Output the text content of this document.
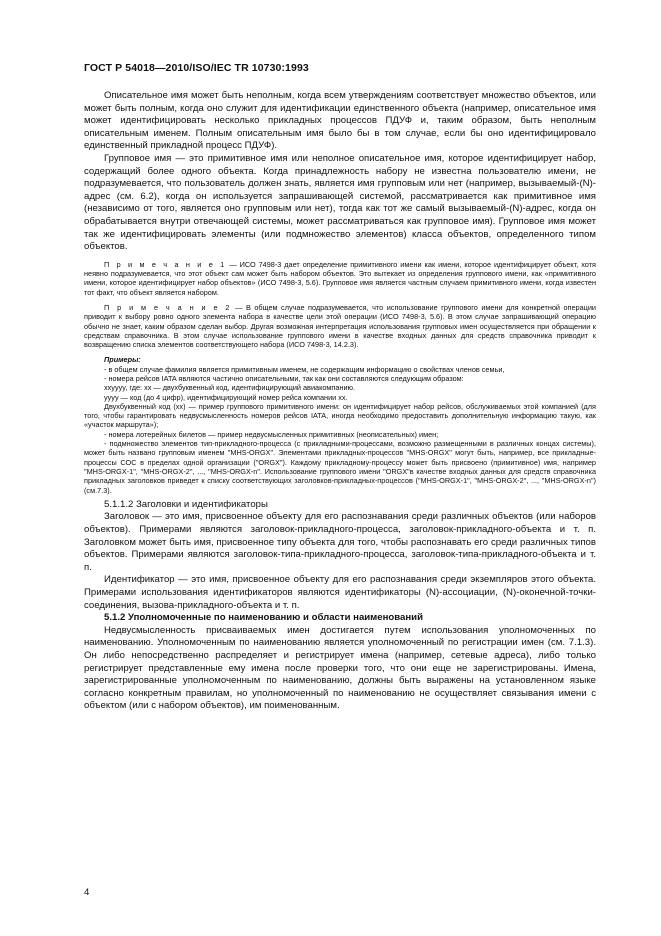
ГОСТ Р 54018—2010/ISO/IEC TR 10730:1993

Описательное имя может быть неполным, когда всем утверждениям соответствует множество объектов, или может быть полным, когда оно служит для идентификации единственного объекта (например, описательное имя может идентифицировать несколько прикладных процессов ПДУФ и, таким образом, быть неполным описательным именем. Полным описательным имя было бы в том случае, если бы оно идентифицировало единственный прикладной процесс ПДУФ).

Групповое имя — это примитивное имя или неполное описательное имя, которое идентифицирует набор, содержащий более одного объекта. Когда принадлежность набору не известна пользователю имени, не подразумевается, что пользователь должен знать, является имя групповым или нет (например, вызываемый-(N)-адрес (см. 6.2), когда он используется запрашивающей системой, рассматривается как примитивное имя (независимо от того, является оно групповым или нет), тогда как тот же самый вызываемый-(N)-адрес, когда он обрабатывается внутри отвечающей системы, может рассматриваться как групповое имя). Групповое имя может так же идентифицировать элементы (или подмножество элементов) класса объектов, определенного типом объектов.

П р и м е ч а н и е 1 — ИСО 7498-3 дает определение примитивного имени как имени, которое идентифицирует объект, хотя неявно подразумевается, что этот объект сам может быть набором объектов. Это вытекает из определения группового имени, как «примитивного имени, которое идентифицирует набор объектов» (ИСО 7498-3, 5.6). Групповое имя является частным случаем примитивного имени, когда известен тот факт, что объект является набором.

П р и м е ч а н и е 2 — В общем случае подразумевается, что использование группового имени для конкретной операции приводит к выбору ровно одного элемента набора в качестве цели этой операции (ИСО 7498-3, 5.6). В этом случае запрашивающий операцию обычно не знает, каким образом сделан выбор. Другая возможная интерпретация использования групповых имен осуществляется при обращении к средствам справочника. В этом случае использование группового имени в качестве входных данных для средств справочника приводит к возвращению списка элементов соответствующего набора (ИСО 7498-3, 14.2.3).

Примеры:

- в общем случае фамилия является примитивным именем, не содержащим информацию о свойствах членов семьи,

- номера рейсов IATA являются частично описательными, так как они составляются следующим образом:

xxyyyy, где: xx — двухбуквенный код, идентифицирующий авиакомпанию.

yyyy — код (до 4 цифр), идентифицирующий номер рейса компании xx.

Двухбуквенный код (xx) — пример группового примитивного имени: он идентифицирует набор рейсов, обслуживаемых этой компанией (для того, чтобы гарантировать недвусмысленность номеров рейсов IATA, иногда необходимо предоставить дополнительную информацию такую, как «участок маршрута»);

- номера лотерейных билетов — пример недвусмысленных примитивных (неописательных) имен;

- подмножество элементов тип-прикладного-процесса (с прикладными-процессами, возможно размещенными в различных концах системы), может быть названо групповым именем "MHS-ORGX". Элементами прикладных-процессов "MHS-ORGX" могут быть, например, все прикладные-процессы СОС в пределах одной организации ("ORGX"). Каждому прикладному-процессу может быть присвоено (примитивное) имя, например "MHS-ORGX-1", "MHS-ORGX-2", ..., "MHS-ORGX-n". Использование группового имени "ORGX"в качестве входных данных для средств справочника прикладных заголовков приведет к списку соответствующих заголовков-прикладных-процессов ("MHS-ORGX-1", "MHS-ORGX-2", ..., "MHS-ORGX-n") (см.7.3).

5.1.1.2 Заголовки и идентификаторы

Заголовок — это имя, присвоенное объекту для его распознавания среди различных объектов (или наборов объектов). Примерами являются заголовок-прикладного-процесса, заголовок-прикладного-объекта и т. п. Заголовком может быть имя, присвоенное типу объекта для того, чтобы распознавать его среди различных типов объектов. Примерами являются заголовок-типа-прикладного-процесса, заголовок-типа-прикладного-объекта и т. п.

Идентификатор — это имя, присвоенное объекту для его распознавания среди экземпляров этого объекта. Примерами использования идентификаторов являются идентификаторы (N)-ассоциации, (N)-оконечной-точки-соединения, вызова-прикладного-объекта и т. п.

5.1.2 Уполномоченные по наименованию и области наименований

Недвусмысленность присваиваемых имен достигается путем использования уполномоченных по наименованию. Уполномоченным по наименованию является уполномоченный по регистрации имен (см. 7.1.3). Он либо непосредственно распределяет и регистрирует имена (например, сетевые адреса), либо только регистрирует представленные ему имена после проверки того, что они еще не зарегистрированы. Имена, зарегистрированные уполномоченным по наименованию, должны быть выражены на установленном языке согласно конкретным правилам, но уполномоченный по наименованию не осуществляет связывания имени с объектом (или с набором объектов), им поименованным.

4
